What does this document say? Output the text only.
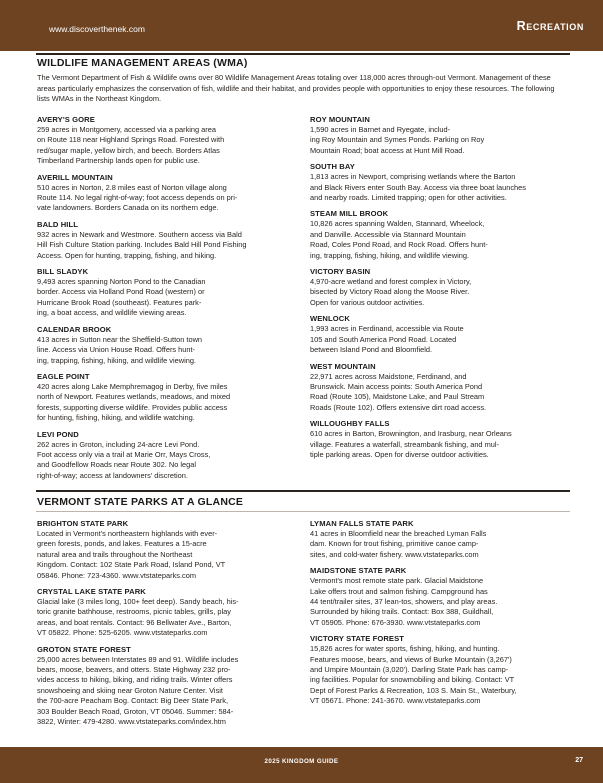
www.discoverthenek.com	Recreation
WILDLIFE MANAGEMENT AREAS (WMA)

The Vermont Department of Fish & Wildlife owns over 80 Wildlife Management Areas totaling over 118,000 acres through-out Vermont. Management of these areas particularly emphasizes the conservation of fish, wildlife and their habitat, and provides people with opportunities to enjoy these resources. The following lists WMAs in the Northeast Kingdom.

AVERY'S GORE

259 acres in Montgomery, accessed via a parking area
on Route 118 near Highland Springs Road. Forested with
red/sugar maple, yellow birch, and beech. Borders Atlas
Timberland Partnership lands open for public use.

AVERILL MOUNTAIN

510 acres in Norton, 2.8 miles east of Norton village along
Route 114. No legal right-of-way; foot access depends on pri-
vate landowners. Borders Canada on its northern edge.

BALD HILL

932 acres in Newark and Westmore. Southern access via Bald
Hill Fish Culture Station parking. Includes Bald Hill Pond Fishing
Access. Open for hunting, trapping, fishing, and hiking.

BILL SLADYK

9,493 acres spanning Norton Pond to the Canadian
border. Access via Holland Pond Road (western) or
Hurricane Brook Road (southeast). Features park-
ing, a boat access, and wildlife viewing areas.

CALENDAR BROOK

413 acres in Sutton near the Sheffield-Sutton town
line. Access via Union House Road. Offers hunt-
ing, trapping, fishing, hiking, and wildlife viewing.

EAGLE POINT

420 acres along Lake Memphremagog in Derby, five miles
north of Newport. Features wetlands, meadows, and mixed
forests, supporting diverse wildlife. Provides public access
for hunting, fishing, hiking, and wildlife watching.

LEVI POND

262 acres in Groton, including 24-acre Levi Pond.
Foot access only via a trail at Marie Orr, Mays Cross,
and Goodfellow Roads near Route 302. No legal
right-of-way; access at landowners' discretion.

ROY MOUNTAIN

1,590 acres in Barnet and Ryegate, includ-
ing Roy Mountain and Symes Ponds. Parking on Roy
Mountain Road; boat access at Hunt Mill Road.

SOUTH BAY

1,813 acres in Newport, comprising wetlands where the Barton
and Black Rivers enter South Bay. Access via three boat launches
and nearby roads. Limited trapping; open for other activities.

STEAM MILL BROOK

10,826 acres spanning Walden, Stannard, Wheelock,
and Danville. Accessible via Stannard Mountain
Road, Coles Pond Road, and Rock Road. Offers hunt-
ing, trapping, fishing, hiking, and wildlife viewing.

VICTORY BASIN

4,970-acre wetland and forest complex in Victory,
bisected by Victory Road along the Moose River.
Open for various outdoor activities.

WENLOCK

1,993 acres in Ferdinand, accessible via Route
105 and South America Pond Road. Located
between Island Pond and Bloomfield.

WEST MOUNTAIN

22,971 acres across Maidstone, Ferdinand, and
Brunswick. Main access points: South America Pond
Road (Route 105), Maidstone Lake, and Paul Stream
Roads (Route 102). Offers extensive dirt road access.

WILLOUGHBY FALLS

610 acres in Barton, Brownington, and Irasburg, near Orleans
village. Features a waterfall, streambank fishing, and mul-
tiple parking areas. Open for diverse outdoor activities.

VERMONT STATE PARKS AT A GLANCE
BRIGHTON STATE PARK

Located in Vermont's northeastern highlands with ever-
green forests, ponds, and lakes. Features a 15-acre
natural area and trails throughout the Northeast
Kingdom. Contact: 102 State Park Road, Island Pond, VT
05846. Phone: 723-4360. www.vtstateparks.com

CRYSTAL LAKE STATE PARK

Glacial lake (3 miles long, 100+ feet deep). Sandy beach, his-
toric granite bathhouse, restrooms, picnic tables, grills, play
areas, and boat rentals. Contact: 96 Bellwater Ave., Barton,
VT 05822. Phone: 525-6205. www.vtstateparks.com

GROTON STATE FOREST

25,000 acres between Interstates 89 and 91. Wildlife includes
bears, moose, beavers, and otters. State Highway 232 pro-
vides access to hiking, biking, and riding trails. Winter offers
snowshoeing and skiing near Groton Nature Center. Visit
the 700-acre Peacham Bog. Contact: Big Deer State Park,
303 Boulder Beach Road, Groton, VT 05046. Summer: 584-
3822, Winter: 479-4280. www.vtstateparks.com/index.htm

LYMAN FALLS STATE PARK

41 acres in Bloomfield near the breached Lyman Falls
dam. Known for trout fishing, primitive canoe camp-
sites, and cold-water fishery. www.vtstateparks.com

MAIDSTONE STATE PARK

Vermont's most remote state park. Glacial Maidstone
Lake offers trout and salmon fishing. Campground has
44 tent/trailer sites, 37 lean-tos, showers, and play areas.
Surrounded by hiking trails. Contact: Box 388, Guildhall,
VT 05905. Phone: 676-3930. www.vtstateparks.com

VICTORY STATE FOREST

15,826 acres for water sports, fishing, hiking, and hunting.
Features moose, bears, and views of Burke Mountain (3,267')
and Umpire Mountain (3,020'). Darling State Park has camp-
ing facilities. Popular for snowmobiling and biking. Contact: VT
Dept of Forest Parks & Recreation, 103 S. Main St., Waterbury,
VT 05671. Phone: 241-3670. www.vtstateparks.com

2025 KINGDOM GUIDE	27
